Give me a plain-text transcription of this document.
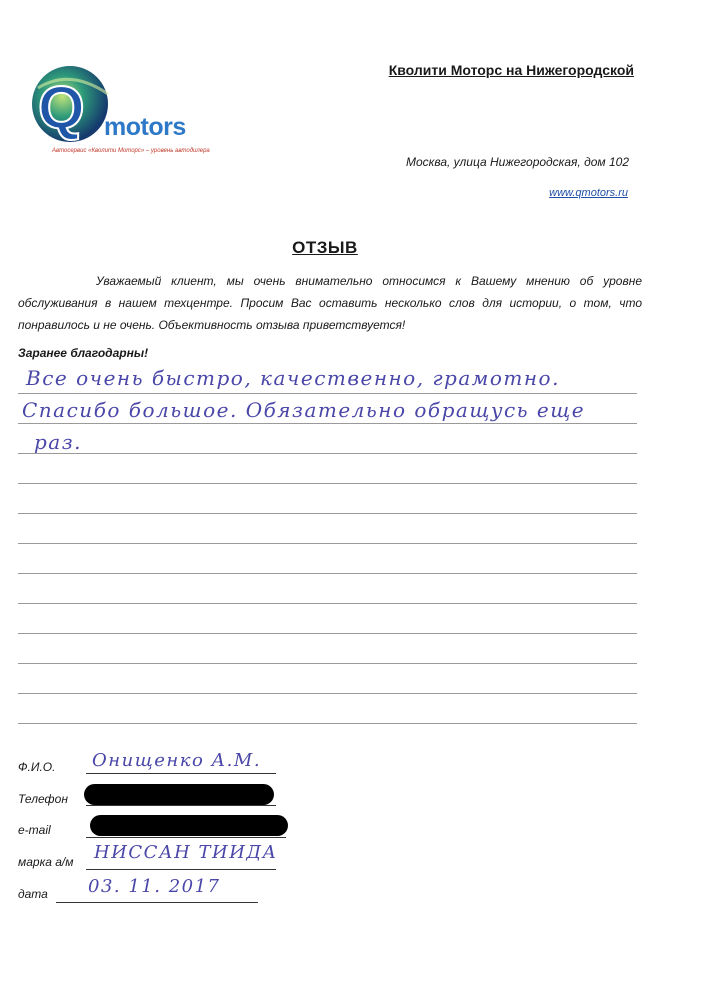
Q motors
Автосервис «Кволити Моторс» – уровень автодилера
Кволити Моторс на Нижегородской
Москва, улица Нижегородская, дом 102
www.qmotors.ru
ОТЗЫВ
Уважаемый клиент, мы очень внимательно относимся к Вашему мнению об уровне обслуживания в нашем техцентре. Просим Вас оставить несколько слов для истории, о том, что понравилось и не очень. Объективность отзыва приветствуется!
Заранее благодарны!
Все очень быстро, качественно, грамотно.
Спасибо большое. Обязательно обращусь еще
раз.
Ф.И.О. Онищенко А.М.
Телефон
e-mail
марка а/м НИССАН ТИИДА
дата 03. 11. 2017
